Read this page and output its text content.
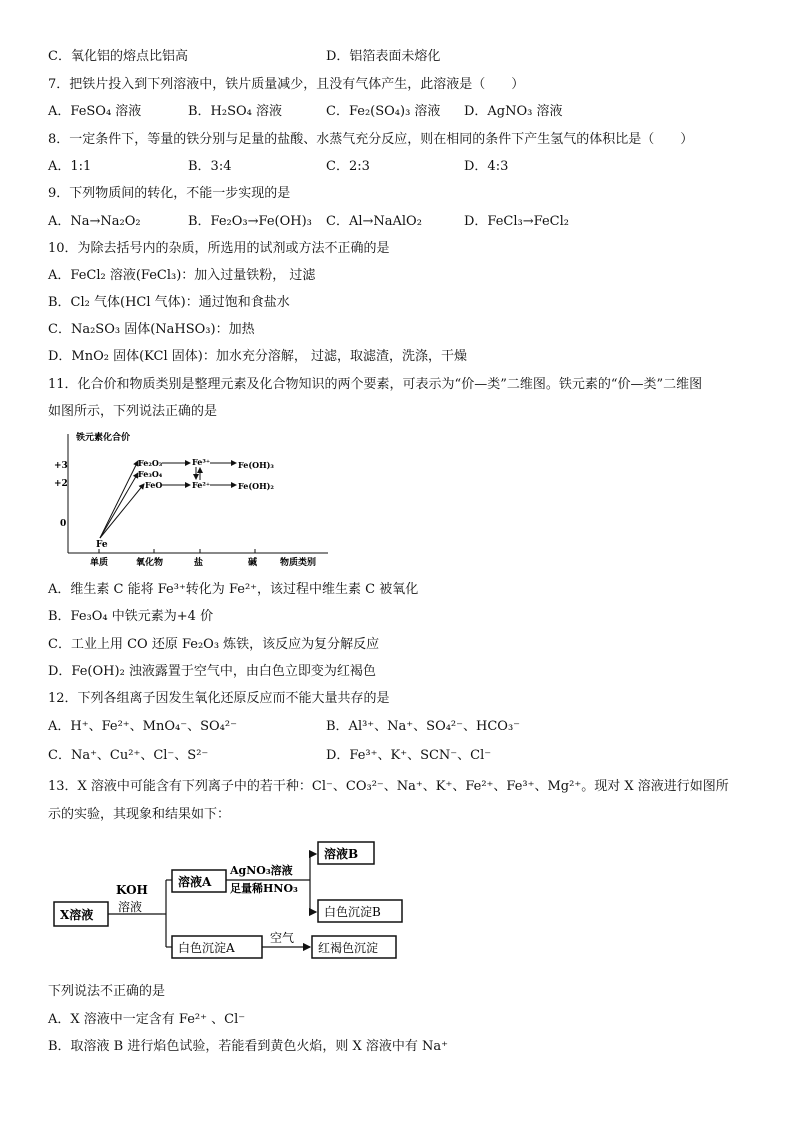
C．氧化铝的熔点比铝高	D．铝箔表面未熔化
7．把铁片投入到下列溶液中，铁片质量减少，且没有气体产生，此溶液是（　　）
A．FeSO₄ 溶液	B．H₂SO₄ 溶液	C．Fe₂(SO₄)₃ 溶液 D．AgNO₃ 溶液
8．一定条件下，等量的铁分别与足量的盐酸、水蒸气充分反应，则在相同的条件下产生氢气的体积比是（　　）
A．1:1	B．3:4	C．2:3	D．4:3
9．下列物质间的转化，不能一步实现的是
A．Na→Na₂O₂	B．Fe₂O₃→Fe(OH)₃ C．Al→NaAlO₂	D．FeCl₃→FeCl₂
10．为除去括号内的杂质，所选用的试剂或方法不正确的是
A．FeCl₂ 溶液(FeCl₃)：加入过量铁粉， 过滤
B．Cl₂ 气体(HCl 气体)：通过饱和食盐水
C．Na₂SO₃ 固体(NaHSO₃)：加热
D．MnO₂ 固体(KCl 固体)：加水充分溶解， 过滤，取滤渣，洗涤，干燥
11．化合价和物质类别是整理元素及化合物知识的两个要素，可表示为“价—类”二维图。铁元素的“价—类”二维图
如图所示，下列说法正确的是
铁元素化合价
+3
+2
0
单质	氧化物	盐	碱	物质类别
Fe
Fe₂O₃
Fe₃O₄
FeO
Fe³⁺
Fe²⁺
Fe(OH)₃
Fe(OH)₂
A．维生素 C 能将 Fe³⁺转化为 Fe²⁺，该过程中维生素 C 被氧化
B．Fe₃O₄ 中铁元素为+4 价
C．工业上用 CO 还原 Fe₂O₃ 炼铁，该反应为复分解反应
D．Fe(OH)₂ 浊液露置于空气中，由白色立即变为红褐色
12．下列各组离子因发生氧化还原反应而不能大量共存的是
A．H⁺、Fe²⁺、MnO₄⁻、SO₄²⁻	B．Al³⁺、Na⁺、SO₄²⁻、HCO₃⁻
C．Na⁺、Cu²⁺、Cl⁻、S²⁻	D．Fe³⁺、K⁺、SCN⁻、Cl⁻
13．X 溶液中可能含有下列离子中的若干种：Cl⁻、CO₃²⁻、Na⁺、K⁺、Fe²⁺、Fe³⁺、Mg²⁺。现对 X 溶液进行如图所
示的实验，其现象和结果如下：
X溶液
KOH
溶液
溶液A
AgNO₃溶液
足量稀HNO₃
溶液B
白色沉淀B
白色沉淀A
空气
红褐色沉淀
下列说法不正确的是
A．X 溶液中一定含有 Fe²⁺ 、Cl⁻
B．取溶液 B 进行焰色试验，若能看到黄色火焰，则 X 溶液中有 Na⁺
